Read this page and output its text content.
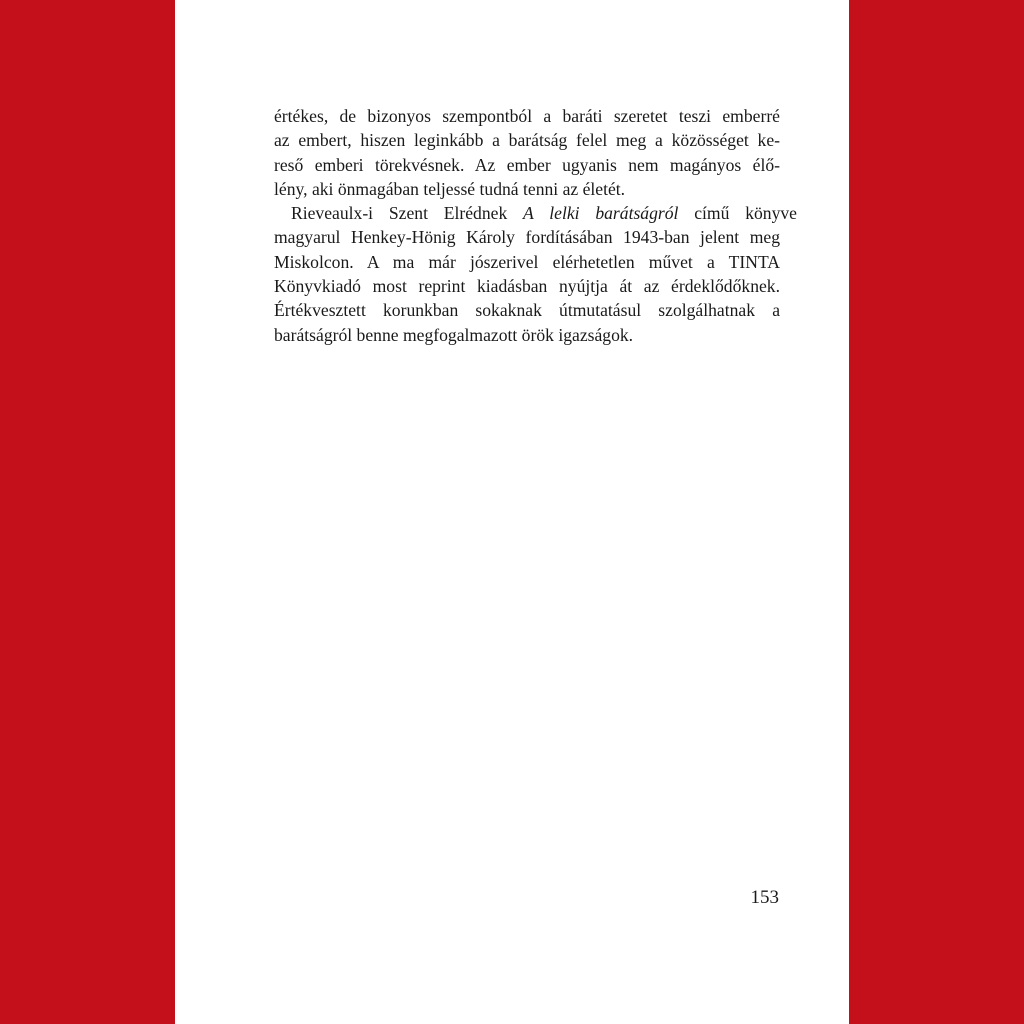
értékes, de bizonyos szempontból a baráti szeretet teszi emberré
az embert, hiszen leginkább a barátság felel meg a közösséget ke-
reső emberi törekvésnek. Az ember ugyanis nem magányos élő-
lény, aki önmagában teljessé tudná tenni az életét.
Rieveaulx-i Szent Elrédnek A lelki barátságról című könyve
magyarul Henkey-Hönig Károly fordításában 1943-ban jelent meg
Miskolcon. A ma már jószerivel elérhetetlen művet a TINTA
Könyvkiadó most reprint kiadásban nyújtja át az érdeklődőknek.
Értékvesztett korunkban sokaknak útmutatásul szolgálhatnak a
barátságról benne megfogalmazott örök igazságok.
153
